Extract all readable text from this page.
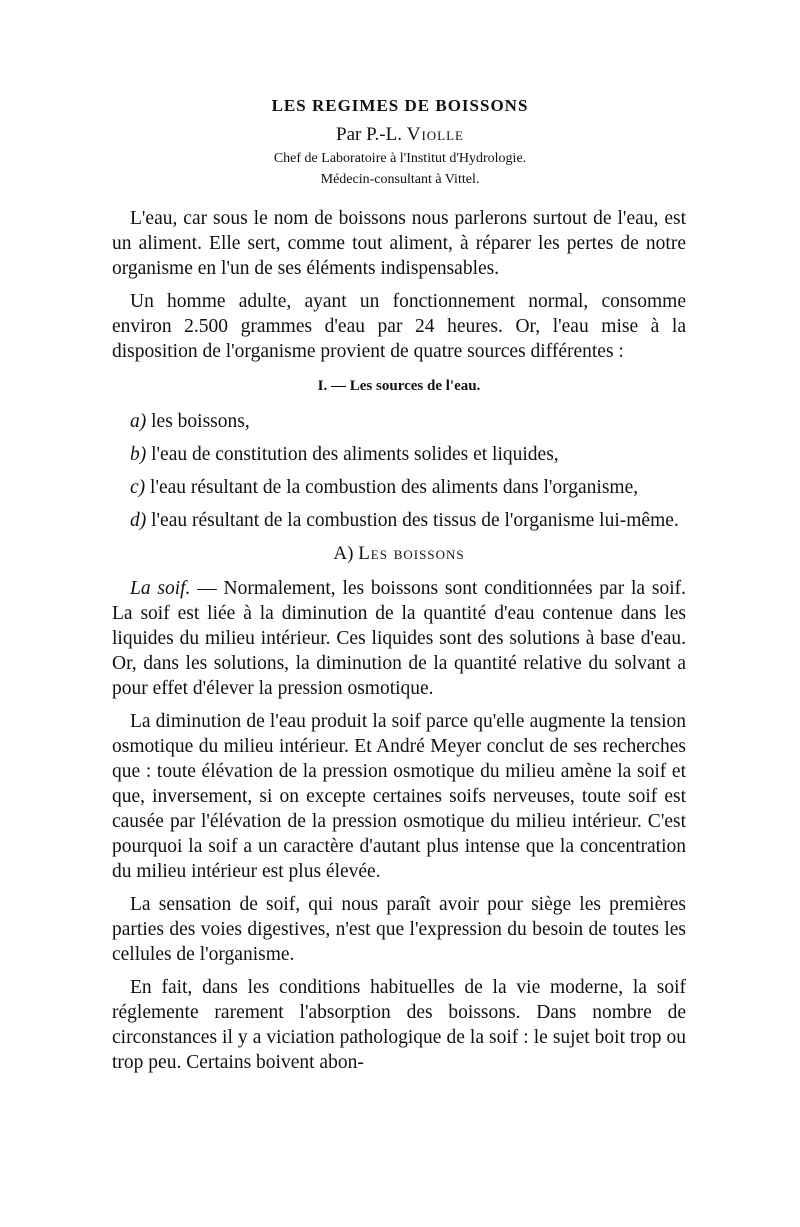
LES REGIMES DE BOISSONS
Par P.-L. Violle
Chef de Laboratoire à l'Institut d'Hydrologie.
Médecin-consultant à Vittel.

L'eau, car sous le nom de boissons nous parlerons surtout de l'eau, est un aliment. Elle sert, comme tout aliment, à réparer les pertes de notre organisme en l'un de ses éléments indispensables.

Un homme adulte, ayant un fonctionnement normal, consomme environ 2.500 grammes d'eau par 24 heures. Or, l'eau mise à la disposition de l'organisme provient de quatre sources différentes :

I. — Les sources de l'eau.

a) les boissons,

b) l'eau de constitution des aliments solides et liquides,

c) l'eau résultant de la combustion des aliments dans l'organisme,

d) l'eau résultant de la combustion des tissus de l'organisme lui-même.

A) Les boissons

La soif. — Normalement, les boissons sont conditionnées par la soif. La soif est liée à la diminution de la quantité d'eau contenue dans les liquides du milieu intérieur. Ces liquides sont des solutions à base d'eau. Or, dans les solutions, la diminution de la quantité relative du solvant a pour effet d'élever la pression osmotique.

La diminution de l'eau produit la soif parce qu'elle augmente la tension osmotique du milieu intérieur. Et André Meyer conclut de ses recherches que : toute élévation de la pression osmotique du milieu amène la soif et que, inversement, si on excepte certaines soifs nerveuses, toute soif est causée par l'élévation de la pression osmotique du milieu intérieur. C'est pourquoi la soif a un caractère d'autant plus intense que la concentration du milieu intérieur est plus élevée.

La sensation de soif, qui nous paraît avoir pour siège les premières parties des voies digestives, n'est que l'expression du besoin de toutes les cellules de l'organisme.

En fait, dans les conditions habituelles de la vie moderne, la soif réglemente rarement l'absorption des boissons. Dans nombre de circonstances il y a viciation pathologique de la soif : le sujet boit trop ou trop peu. Certains boivent abon-
